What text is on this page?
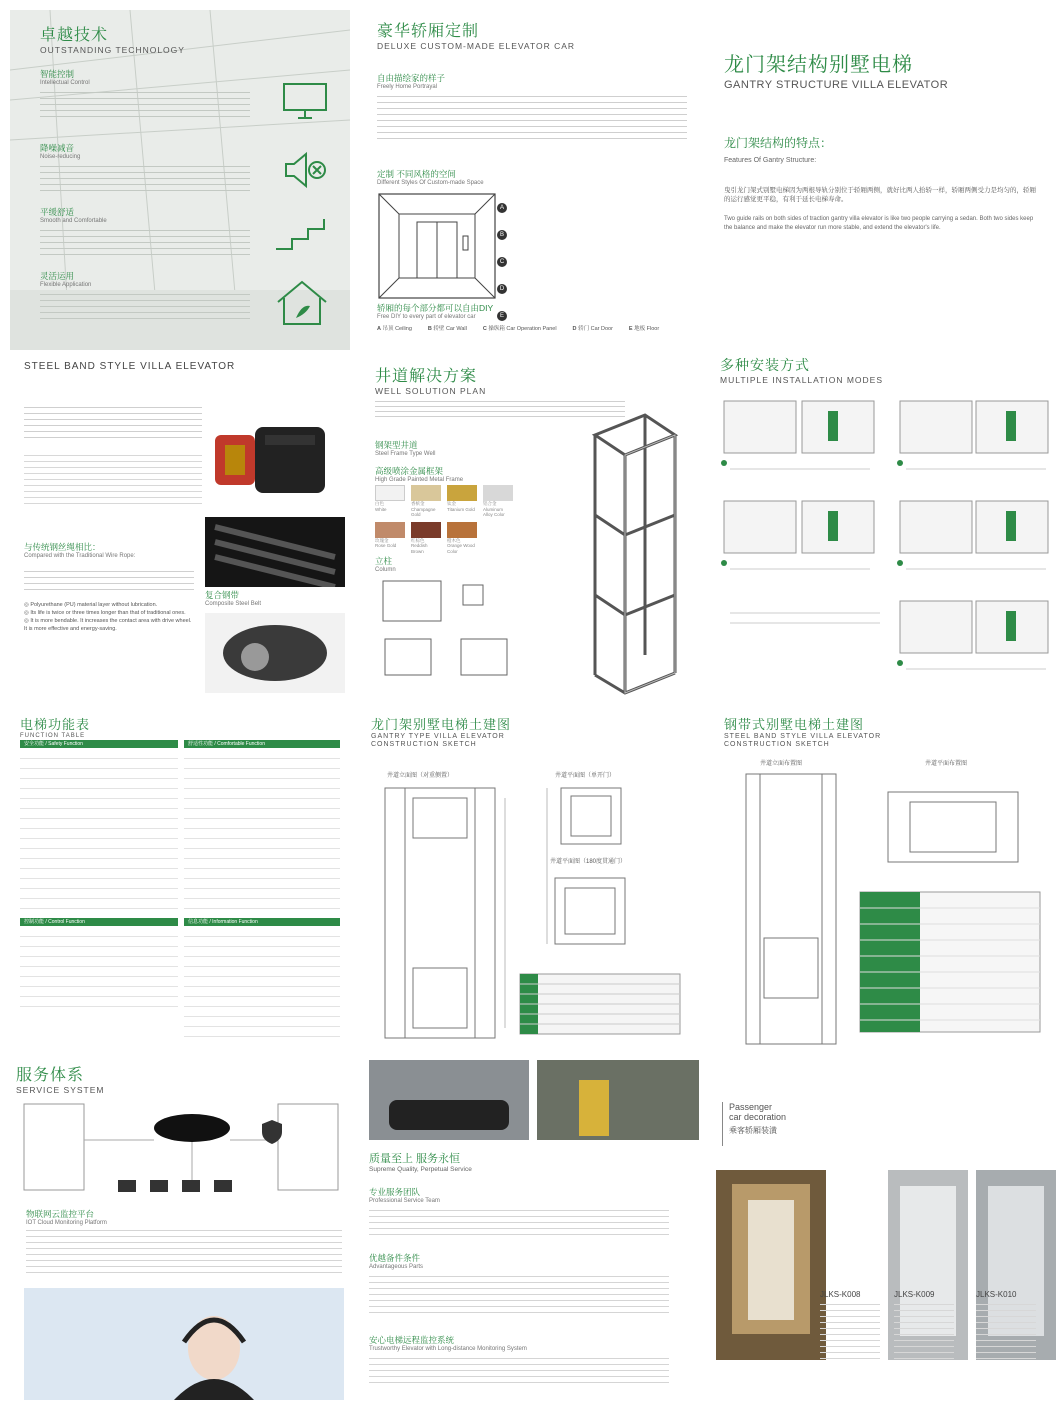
卓越技术
OUTSTANDING TECHNOLOGY
智能控制
Intellectual Control
降噪减音
Noise-reducing
平缓舒适
Smooth and Comfortable
灵活运用
Flexible Application
豪华轿厢定制
DELUXE CUSTOM-MADE ELEVATOR CAR
自由描绘家的样子
Freely Home Portrayal
定制 不同风格的空间
Different Styles Of Custom-made Space
A
B
C
D
E
轿厢的每个部分都可以自由DIY
Free DIY to every part of elevator car
A 吊顶 Ceiling	B 轿壁 Car Wall	C 操纵箱 Car Operation Panel	D 轿门 Car Door	E 地板 Floor
龙门架结构别墅电梯
GANTRY STRUCTURE VILLA ELEVATOR
龙门架结构的特点：
Features Of Gantry Structure:
曳引龙门架式别墅电梯因为两根导轨分别位于轿厢两侧，就好比两人抬轿一样，轿厢两侧受力是均匀的，轿厢的运行感觉更平稳，有利于延长电梯寿命。
Two guide rails on both sides of traction gantry villa elevator is like two people carrying a sedan. Both two sides keep the balance and make the elevator run more stable, and extend the elevator's life.
STEEL BAND STYLE VILLA ELEVATOR
与传统钢丝绳相比：
Compared with the Traditional Wire Rope:
◎ Polyurethane (PU) material layer without lubrication.
◎ Its life is twice or three times longer than that of traditional ones.
◎ It is more bendable. It increases the contact area with drive wheel. It is more effective and energy-saving.
复合钢带
Composite Steel Belt
井道解决方案
WELL SOLUTION PLAN
钢架型井道
Steel Frame Type Well
高级喷涂金属框架
High Grade Painted Metal Frame
白色
White
香槟金
Champagne Gold
钛金
Titanium Gold
铝合金
Aluminum Alloy Color
玫瑰金
Rose Gold
红棕色
Reddish Brown
橙木色
Orange Wood Color
立柱
Column
多种安装方式
MULTIPLE INSTALLATION MODES
电梯功能表
FUNCTION TABLE
安全功能 / Safety Function	舒适性功能 / Comfortable Function
控制功能 / Control Function	信息功能 / Information Function
龙门架别墅电梯土建图
GANTRY TYPE VILLA ELEVATOR CONSTRUCTION SKETCH
井道立面图（对重侧置）	井道平面图（单开门）
井道平面图（180度贯通门）
钢带式别墅电梯土建图
STEEL BAND STYLE VILLA ELEVATOR CONSTRUCTION SKETCH
井道立面布置图	井道平面布置图
服务体系
SERVICE SYSTEM
物联网云监控平台
IOT Cloud Monitoring Platform
质量至上 服务永恒
Supreme Quality, Perpetual Service
专业服务团队
Professional Service Team
优越备件条件
Advantageous Parts
安心电梯远程监控系统
Trustworthy Elevator with Long-distance Monitoring System
Passenger
car decoration
乘客轿厢装潢
JLKS-K008	JLKS-K009	JLKS-K010
